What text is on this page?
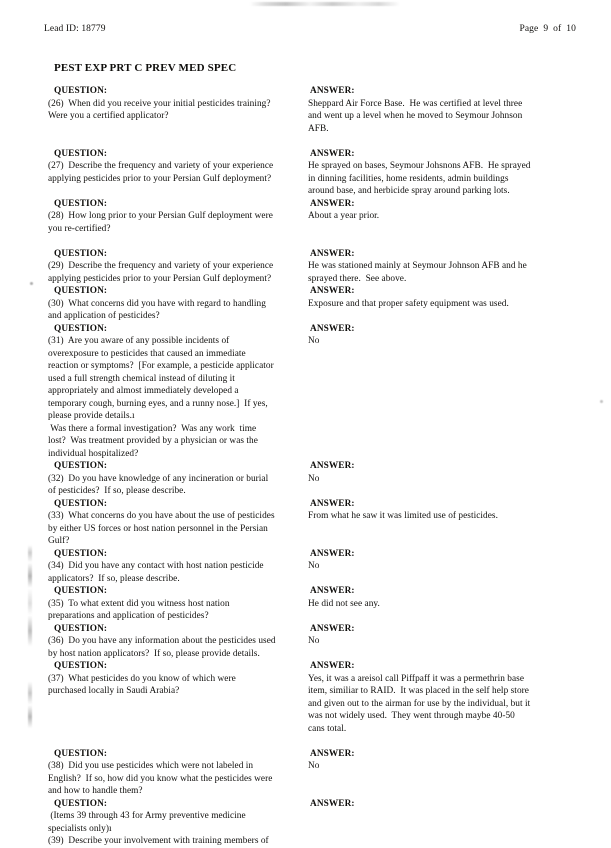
Lead ID: 18779	Page 9 of 10
PEST EXP PRT C PREV MED SPEC
QUESTION:
(26)  When did you receive your initial pesticides training?
Were you a certified applicator?
ANSWER:
Sheppard Air Force Base.  He was certified at level three
and went up a level when he moved to Seymour Johnson
AFB.
QUESTION:
(27)  Describe the frequency and variety of your experience
applying pesticides prior to your Persian Gulf deployment?
ANSWER:
He sprayed on bases, Seymour Johsnons AFB.  He sprayed
in dinning facilities, home residents, admin buildings
around base, and herbicide spray around parking lots.
QUESTION:
(28)  How long prior to your Persian Gulf deployment were
you re-certified?
ANSWER:
About a year prior.
QUESTION:
(29)  Describe the frequency and variety of your experience
applying pesticides prior to your Persian Gulf deployment?
ANSWER:
He was stationed mainly at Seymour Johnson AFB and he
sprayed there.  See above.
QUESTION:
(30)  What concerns did you have with regard to handling
and application of pesticides?
ANSWER:
Exposure and that proper safety equipment was used.
QUESTION:
(31)  Are you aware of any possible incidents of
overexposure to pesticides that caused an immediate
reaction or symptoms?  [For example, a pesticide applicator
used a full strength chemical instead of diluting it
appropriately and almost immediately developed a
temporary cough, burning eyes, and a runny nose.]  If yes,
please provide details.ı
Was there a formal investigation?  Was any work  time
lost?  Was treatment provided by a physician or was the
individual hospitalized?
ANSWER:
No
QUESTION:
(32)  Do you have knowledge of any incineration or burial
of pesticides?  If so, please describe.
ANSWER:
No
QUESTION:
(33)  What concerns do you have about the use of pesticides
by either US forces or host nation personnel in the Persian
Gulf?
ANSWER:
From what he saw it was limited use of pesticides.
QUESTION:
(34)  Did you have any contact with host nation pesticide
applicators?  If so, please describe.
ANSWER:
No
QUESTION:
(35)  To what extent did you witness host nation
preparations and application of pesticides?
ANSWER:
He did not see any.
QUESTION:
(36)  Do you have any information about the pesticides used
by host nation applicators?  If so, please provide details.
ANSWER:
No
QUESTION:
(37)  What pesticides do you know of which were
purchased locally in Saudi Arabia?
ANSWER:
Yes, it was a areisol call Piffpaff it was a permethrin base
item, similiar to RAID.  It was placed in the self help store
and given out to the airman for use by the individual, but it
was not widely used.  They went through maybe 40-50
cans total.
QUESTION:
(38)  Did you use pesticides which were not labeled in
English?  If so, how did you know what the pesticides were
and how to handle them?
ANSWER:
No
QUESTION:
(Items 39 through 43 for Army preventive medicine
specialists only)ı
(39)  Describe your involvement with training members of
ANSWER:
